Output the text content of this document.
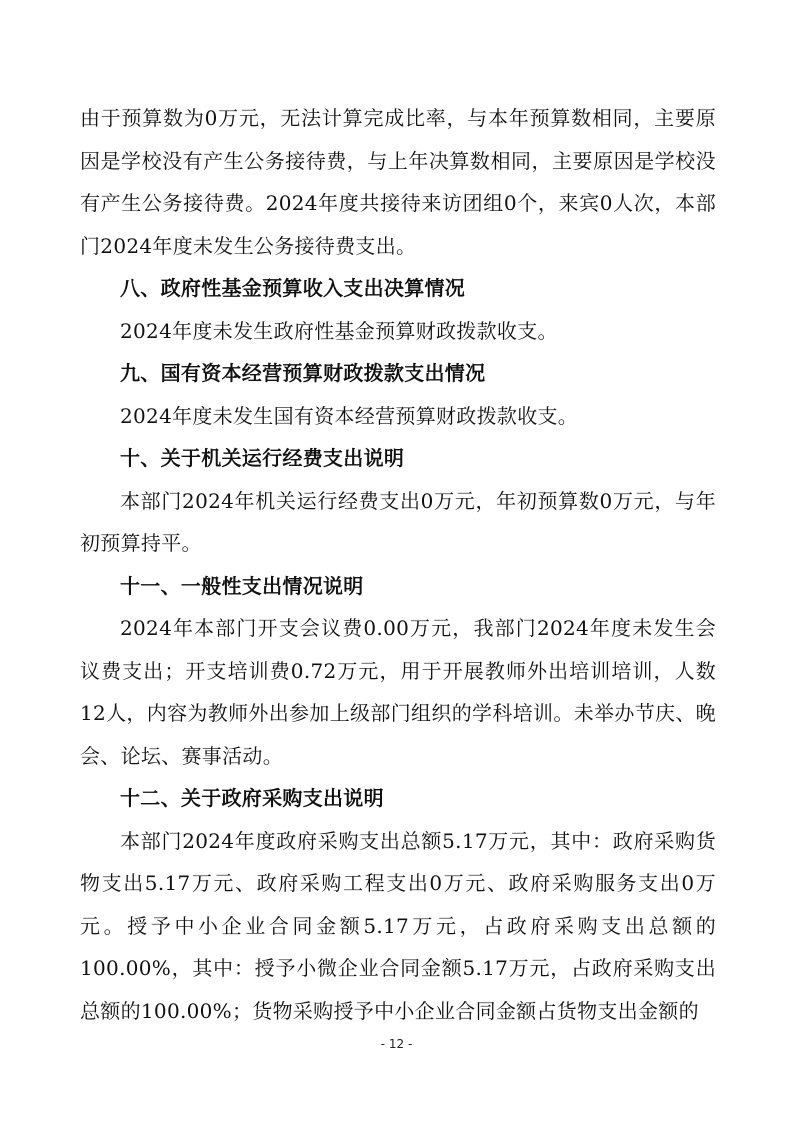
由于预算数为0万元，无法计算完成比率，与本年预算数相同，主要原因是学校没有产生公务接待费，与上年决算数相同，主要原因是学校没有产生公务接待费。2024年度共接待来访团组0个，来宾0人次，本部门2024年度未发生公务接待费支出。

八、政府性基金预算收入支出决算情况

2024年度未发生政府性基金预算财政拨款收支。

九、国有资本经营预算财政拨款支出情况

2024年度未发生国有资本经营预算财政拨款收支。

十、关于机关运行经费支出说明

本部门2024年机关运行经费支出0万元，年初预算数0万元，与年初预算持平。

十一、一般性支出情况说明

2024年本部门开支会议费0.00万元，我部门2024年度未发生会议费支出；开支培训费0.72万元，用于开展教师外出培训培训，人数12人，内容为教师外出参加上级部门组织的学科培训。未举办节庆、晚会、论坛、赛事活动。

十二、关于政府采购支出说明

本部门2024年度政府采购支出总额5.17万元，其中：政府采购货物支出5.17万元、政府采购工程支出0万元、政府采购服务支出0万元。授予中小企业合同金额5.17万元，占政府采购支出总额的100.00%，其中：授予小微企业合同金额5.17万元，占政府采购支出总额的100.00%；货物采购授予中小企业合同金额占货物支出金额的

- 12 -
